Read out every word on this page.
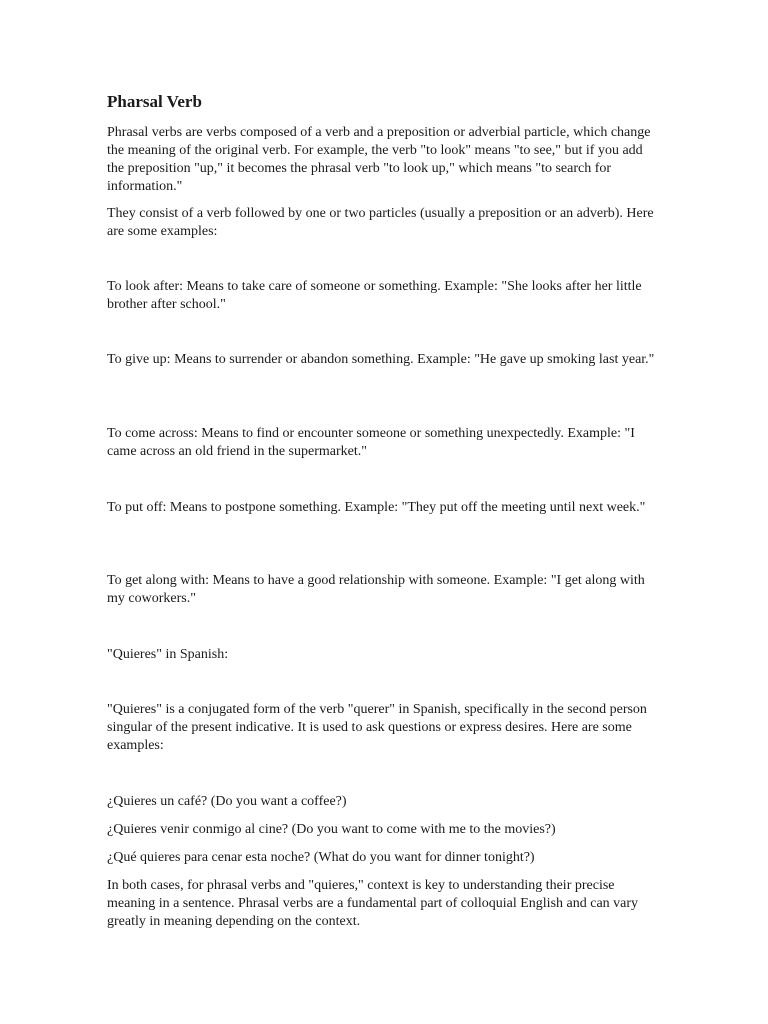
Pharsal Verb

Phrasal verbs are verbs composed of a verb and a preposition or adverbial particle, which change the meaning of the original verb. For example, the verb "to look" means "to see," but if you add the preposition "up," it becomes the phrasal verb "to look up," which means "to search for information."

They consist of a verb followed by one or two particles (usually a preposition or an adverb). Here are some examples:

To look after: Means to take care of someone or something. Example: "She looks after her little brother after school."

To give up: Means to surrender or abandon something. Example: "He gave up smoking last year."

To come across: Means to find or encounter someone or something unexpectedly. Example: "I came across an old friend in the supermarket."

To put off: Means to postpone something. Example: "They put off the meeting until next week."

To get along with: Means to have a good relationship with someone. Example: "I get along with my coworkers."

"Quieres" in Spanish:

"Quieres" is a conjugated form of the verb "querer" in Spanish, specifically in the second person singular of the present indicative. It is used to ask questions or express desires. Here are some examples:

¿Quieres un café? (Do you want a coffee?)

¿Quieres venir conmigo al cine? (Do you want to come with me to the movies?)

¿Qué quieres para cenar esta noche? (What do you want for dinner tonight?)

In both cases, for phrasal verbs and "quieres," context is key to understanding their precise meaning in a sentence. Phrasal verbs are a fundamental part of colloquial English and can vary greatly in meaning depending on the context.
